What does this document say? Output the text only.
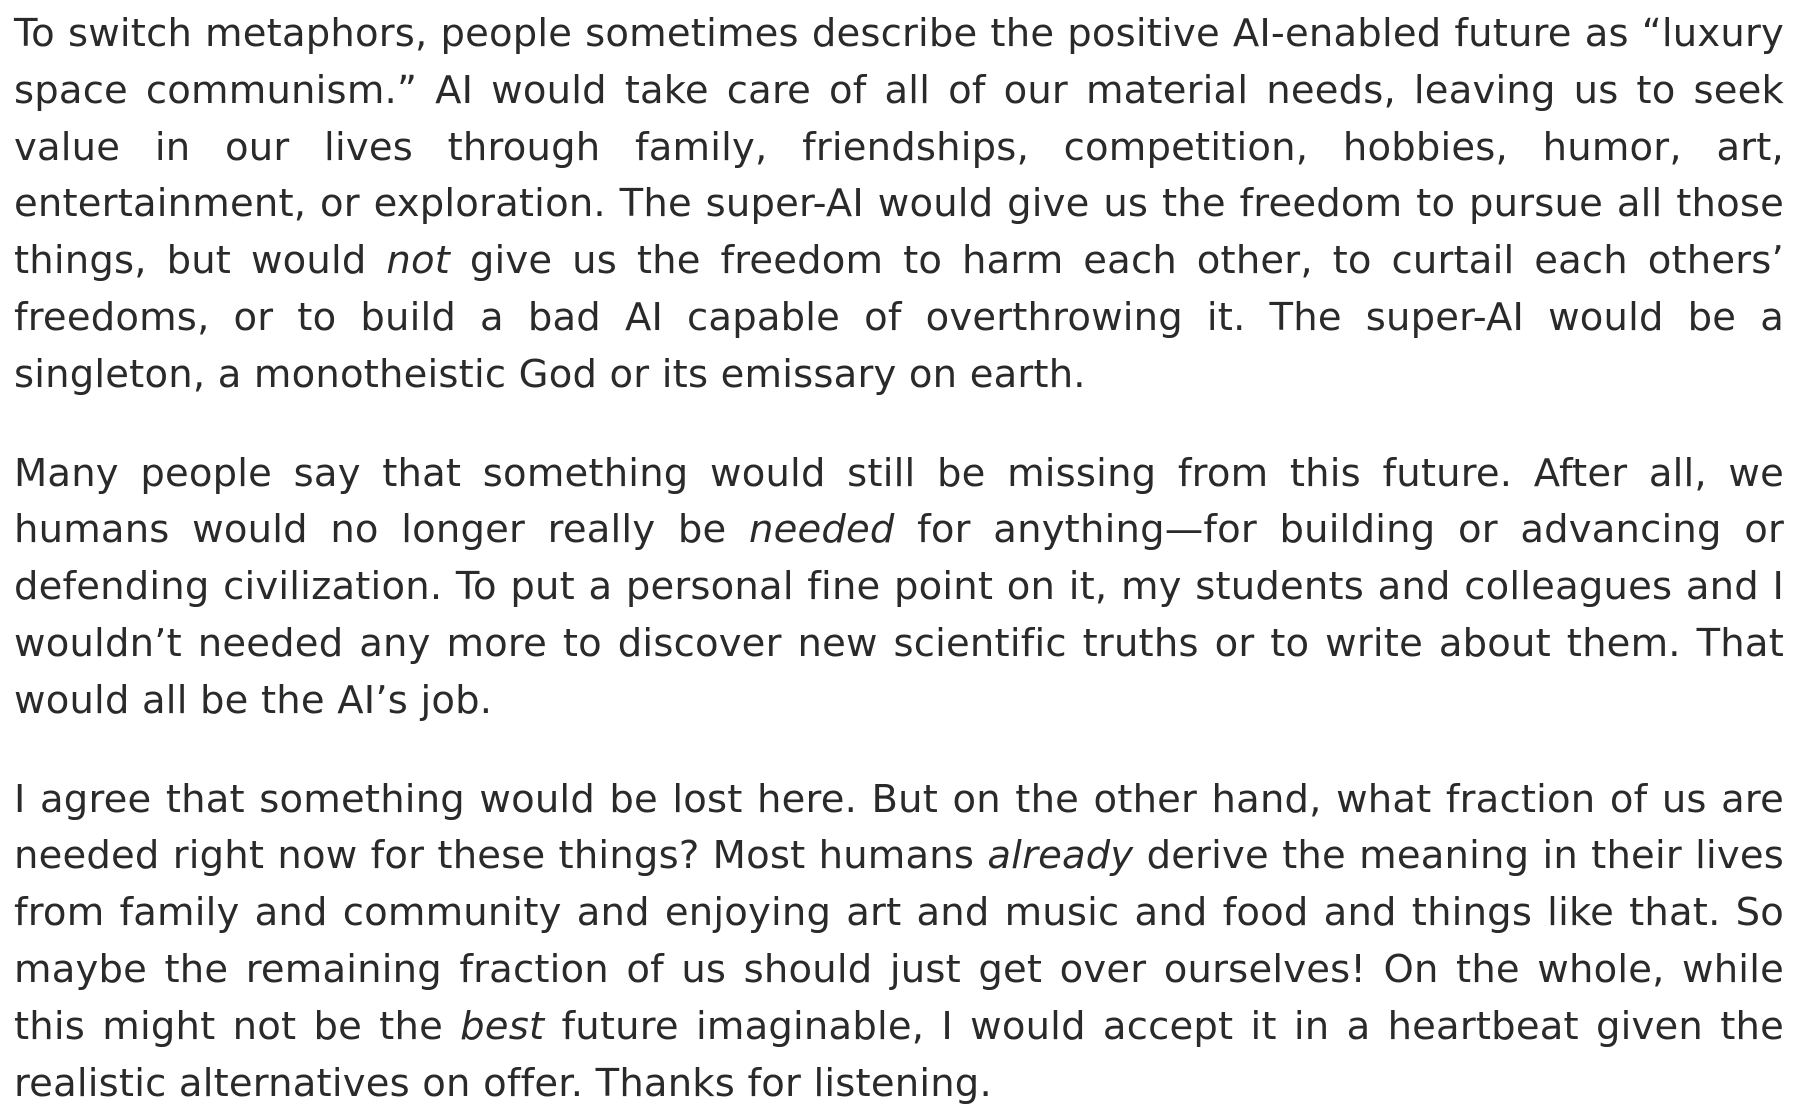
To switch metaphors, people sometimes describe the positive AI-enabled future as “luxury space communism.” AI would take care of all of our material needs, leaving us to seek value in our lives through family, friendships, competition, hobbies, humor, art, entertainment, or exploration. The super-AI would give us the freedom to pursue all those things, but would not give us the freedom to harm each other, to curtail each others’ freedoms, or to build a bad AI capable of overthrowing it. The super-AI would be a singleton, a monotheistic God or its emissary on earth.

Many people say that something would still be missing from this future. After all, we humans would no longer really be needed for anything—for building or advancing or defending civilization. To put a personal fine point on it, my students and colleagues and I wouldn’t needed any more to discover new scientific truths or to write about them. That would all be the AI’s job.

I agree that something would be lost here. But on the other hand, what fraction of us are needed right now for these things? Most humans already derive the meaning in their lives from family and community and enjoying art and music and food and things like that. So maybe the remaining fraction of us should just get over ourselves! On the whole, while this might not be the best future imaginable, I would accept it in a heartbeat given the realistic alternatives on offer. Thanks for listening.
